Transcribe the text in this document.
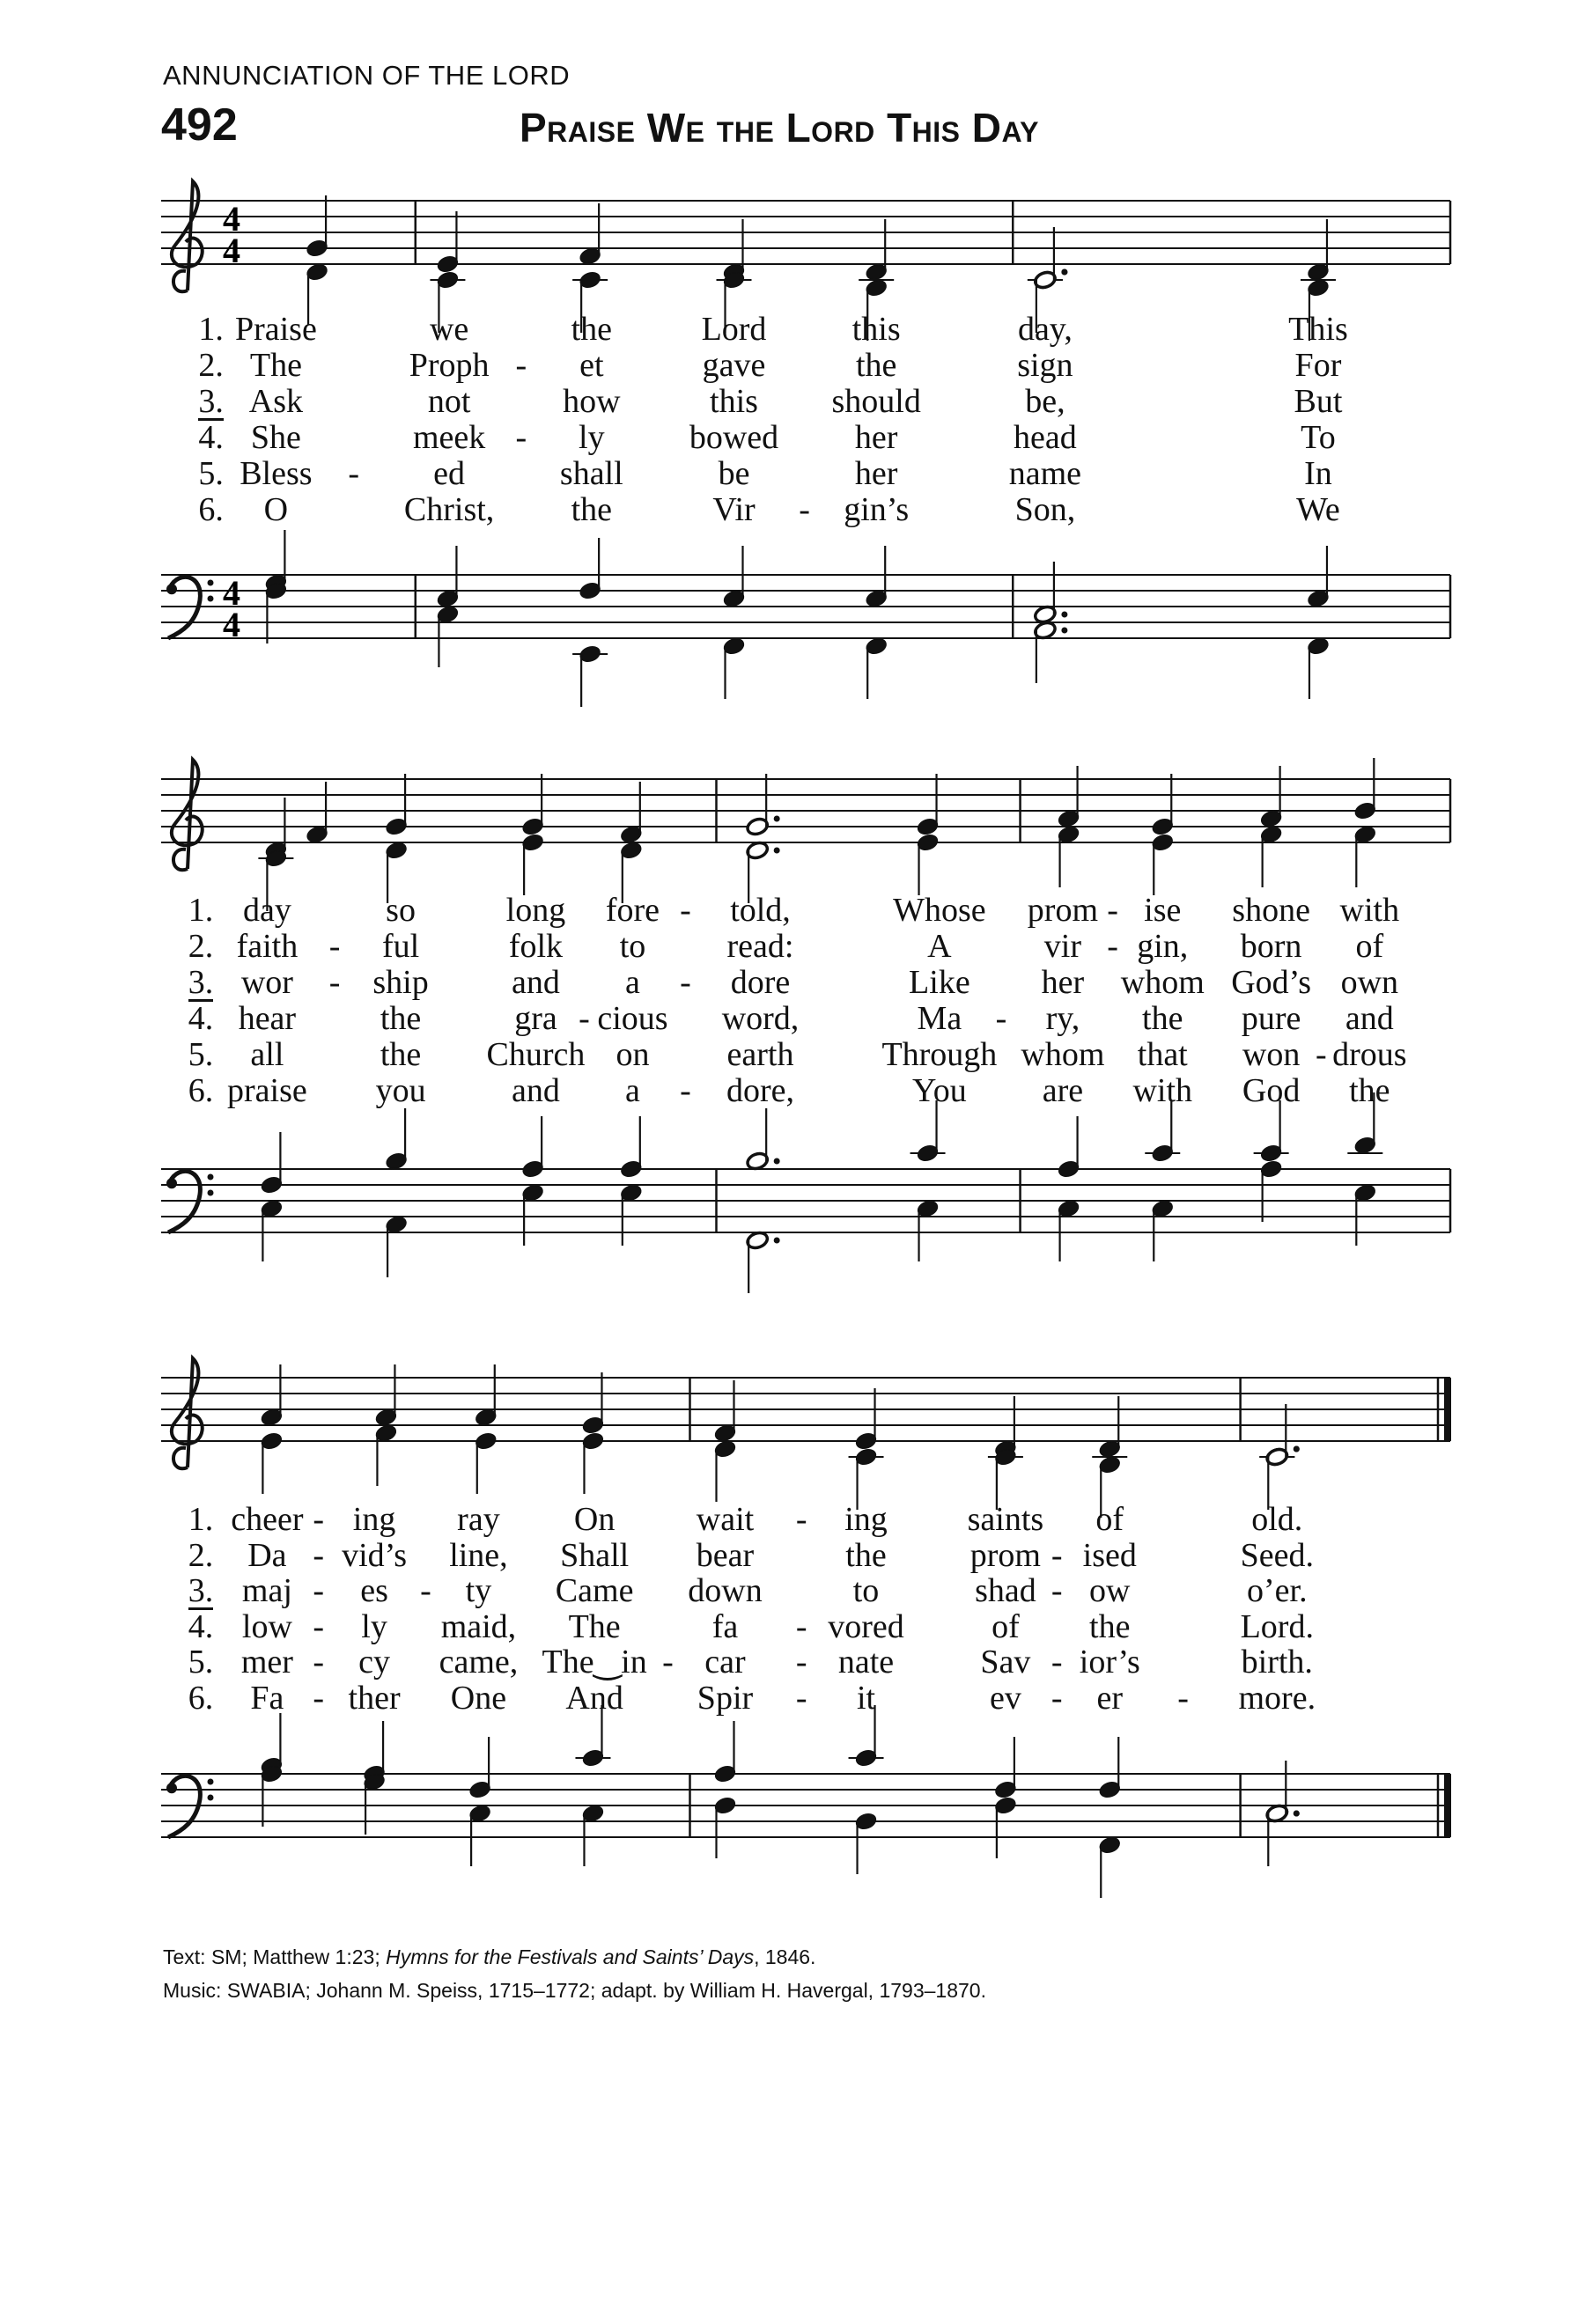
ANNUNCIATION OF THE LORD
492	Praise We the Lord This Day
4
4
4
4
1. Praise	we	the	Lord	this	day,	This
2. The	Proph - et	gave	the	sign	For
3. Ask	not	how	this should	be,	But
4. She	meek - ly	bowed her	head	To
5. Bless - ed	shall	be	her	name	In
6. O	Christ, the	Vir - gin’s	Son,	We
1. day	so	long fore - told,	Whose prom - ise shone with
2. faith - ful	folk to read:	A	vir - gin, born of
3. wor - ship and a - dore	Like her whom God’s own
4. hear	the	gra - cious word,	Ma - ry, the pure and
5. all	the Church on earth	Through whom that won - drous
6. praise you	and a - dore,	You are with God the
1. cheer - ing ray On wait - ing saints of	old.
2. Da - vid’s line, Shall bear	the	prom - ised	Seed.
3. maj - es - ty Came down	to	shad - ow	o’er.
4. low - ly maid, The	fa - vored	of the	Lord.
5. mer - cy came, The‿in - car - nate	Sav - ior’s	birth.
6. Fa - ther One And Spir - it	ev - er - more.
Text: SM; Matthew 1:23; Hymns for the Festivals and Saints’ Days, 1846.
Music: SWABIA; Johann M. Speiss, 1715–1772; adapt. by William H. Havergal, 1793–1870.
